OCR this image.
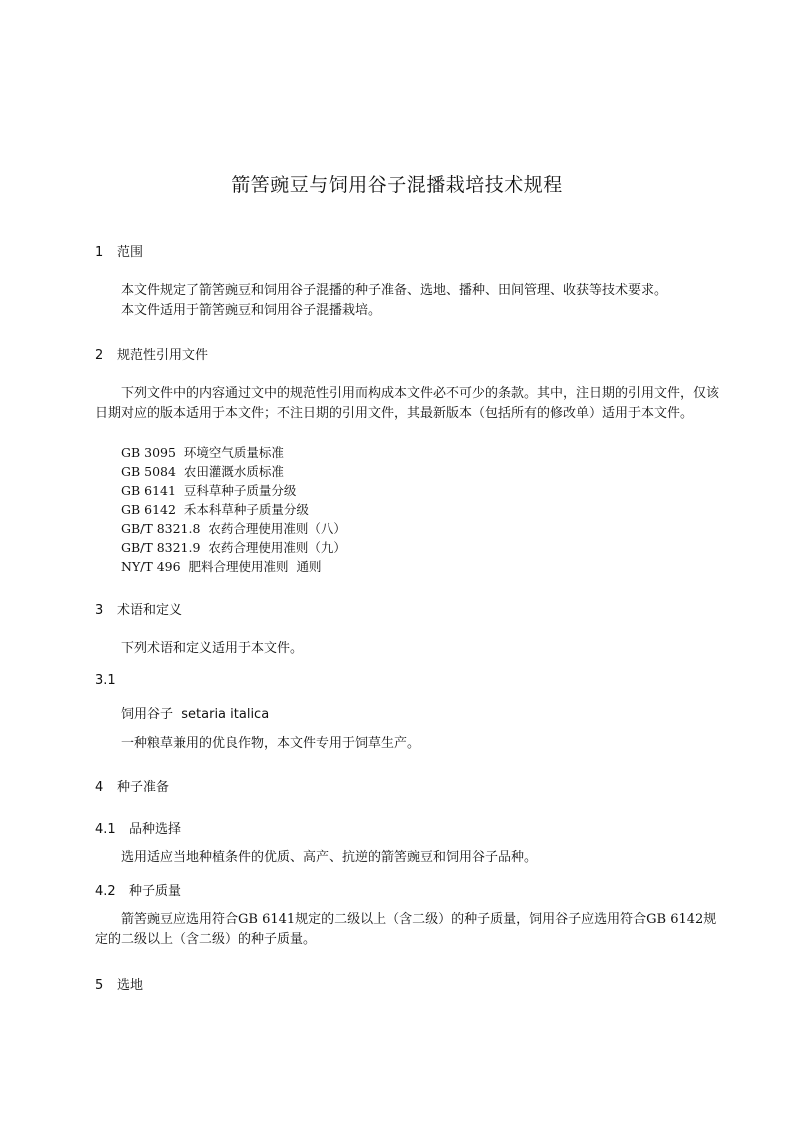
箭筈豌豆与饲用谷子混播栽培技术规程
1 范围
本文件规定了箭筈豌豆和饲用谷子混播的种子准备、选地、播种、田间管理、收获等技术要求。
本文件适用于箭筈豌豆和饲用谷子混播栽培。
2 规范性引用文件
下列文件中的内容通过文中的规范性引用而构成本文件必不可少的条款。其中，注日期的引用文件，仅该日期对应的版本适用于本文件；不注日期的引用文件，其最新版本（包括所有的修改单）适用于本文件。
GB 3095  环境空气质量标准
GB 5084  农田灌溉水质标准
GB 6141  豆科草种子质量分级
GB 6142  禾本科草种子质量分级
GB/T 8321.8  农药合理使用准则（八）
GB/T 8321.9  农药合理使用准则（九）
NY/T 496  肥料合理使用准则  通则
3 术语和定义
下列术语和定义适用于本文件。
3.1
饲用谷子  setaria italica
一种粮草兼用的优良作物，本文件专用于饲草生产。
4 种子准备
4.1 品种选择
选用适应当地种植条件的优质、高产、抗逆的箭筈豌豆和饲用谷子品种。
4.2 种子质量
箭筈豌豆应选用符合GB 6141规定的二级以上（含二级）的种子质量，饲用谷子应选用符合GB 6142规定的二级以上（含二级）的种子质量。
5 选地
